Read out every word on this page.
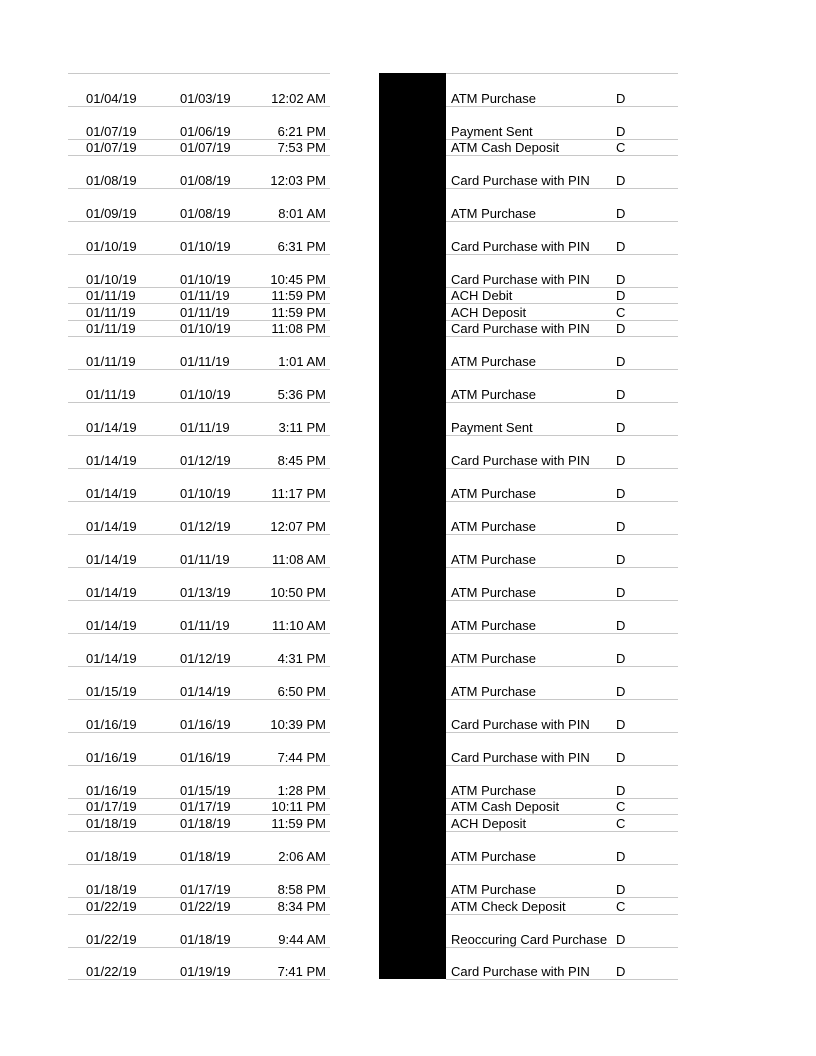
01/04/19	01/03/19	12:02 AM	ATM Purchase	D
01/07/19	01/06/19	6:21 PM	Payment Sent	D
01/07/19	01/07/19	7:53 PM	ATM Cash Deposit	C
01/08/19	01/08/19	12:03 PM	Card Purchase with PIN D
01/09/19	01/08/19	8:01 AM	ATM Purchase	D
01/10/19	01/10/19	6:31 PM	Card Purchase with PIN D
01/10/19	01/10/19	10:45 PM	Card Purchase with PIN D
01/11/19	01/11/19	11:59 PM	ACH Debit	D
01/11/19	01/11/19	11:59 PM	ACH Deposit	C
01/11/19	01/10/19	11:08 PM	Card Purchase with PIN D
01/11/19	01/11/19	1:01 AM	ATM Purchase	D
01/11/19	01/10/19	5:36 PM	ATM Purchase	D
01/14/19	01/11/19	3:11 PM	Payment Sent	D
01/14/19	01/12/19	8:45 PM	Card Purchase with PIN D
01/14/19	01/10/19	11:17 PM	ATM Purchase	D
01/14/19	01/12/19	12:07 PM	ATM Purchase	D
01/14/19	01/11/19	11:08 AM	ATM Purchase	D
01/14/19	01/13/19	10:50 PM	ATM Purchase	D
01/14/19	01/11/19	11:10 AM	ATM Purchase	D
01/14/19	01/12/19	4:31 PM	ATM Purchase	D
01/15/19	01/14/19	6:50 PM	ATM Purchase	D
01/16/19	01/16/19	10:39 PM	Card Purchase with PIN D
01/16/19	01/16/19	7:44 PM	Card Purchase with PIN D
01/16/19	01/15/19	1:28 PM	ATM Purchase	D
01/17/19	01/17/19	10:11 PM	ATM Cash Deposit	C
01/18/19	01/18/19	11:59 PM	ACH Deposit	C
01/18/19	01/18/19	2:06 AM	ATM Purchase	D
01/18/19	01/17/19	8:58 PM	ATM Purchase	D
01/22/19	01/22/19	8:34 PM	ATM Check Deposit	C
01/22/19	01/18/19	9:44 AM	Reoccuring Card Purchase D
01/22/19	01/19/19	7:41 PM	Card Purchase with PIN D
